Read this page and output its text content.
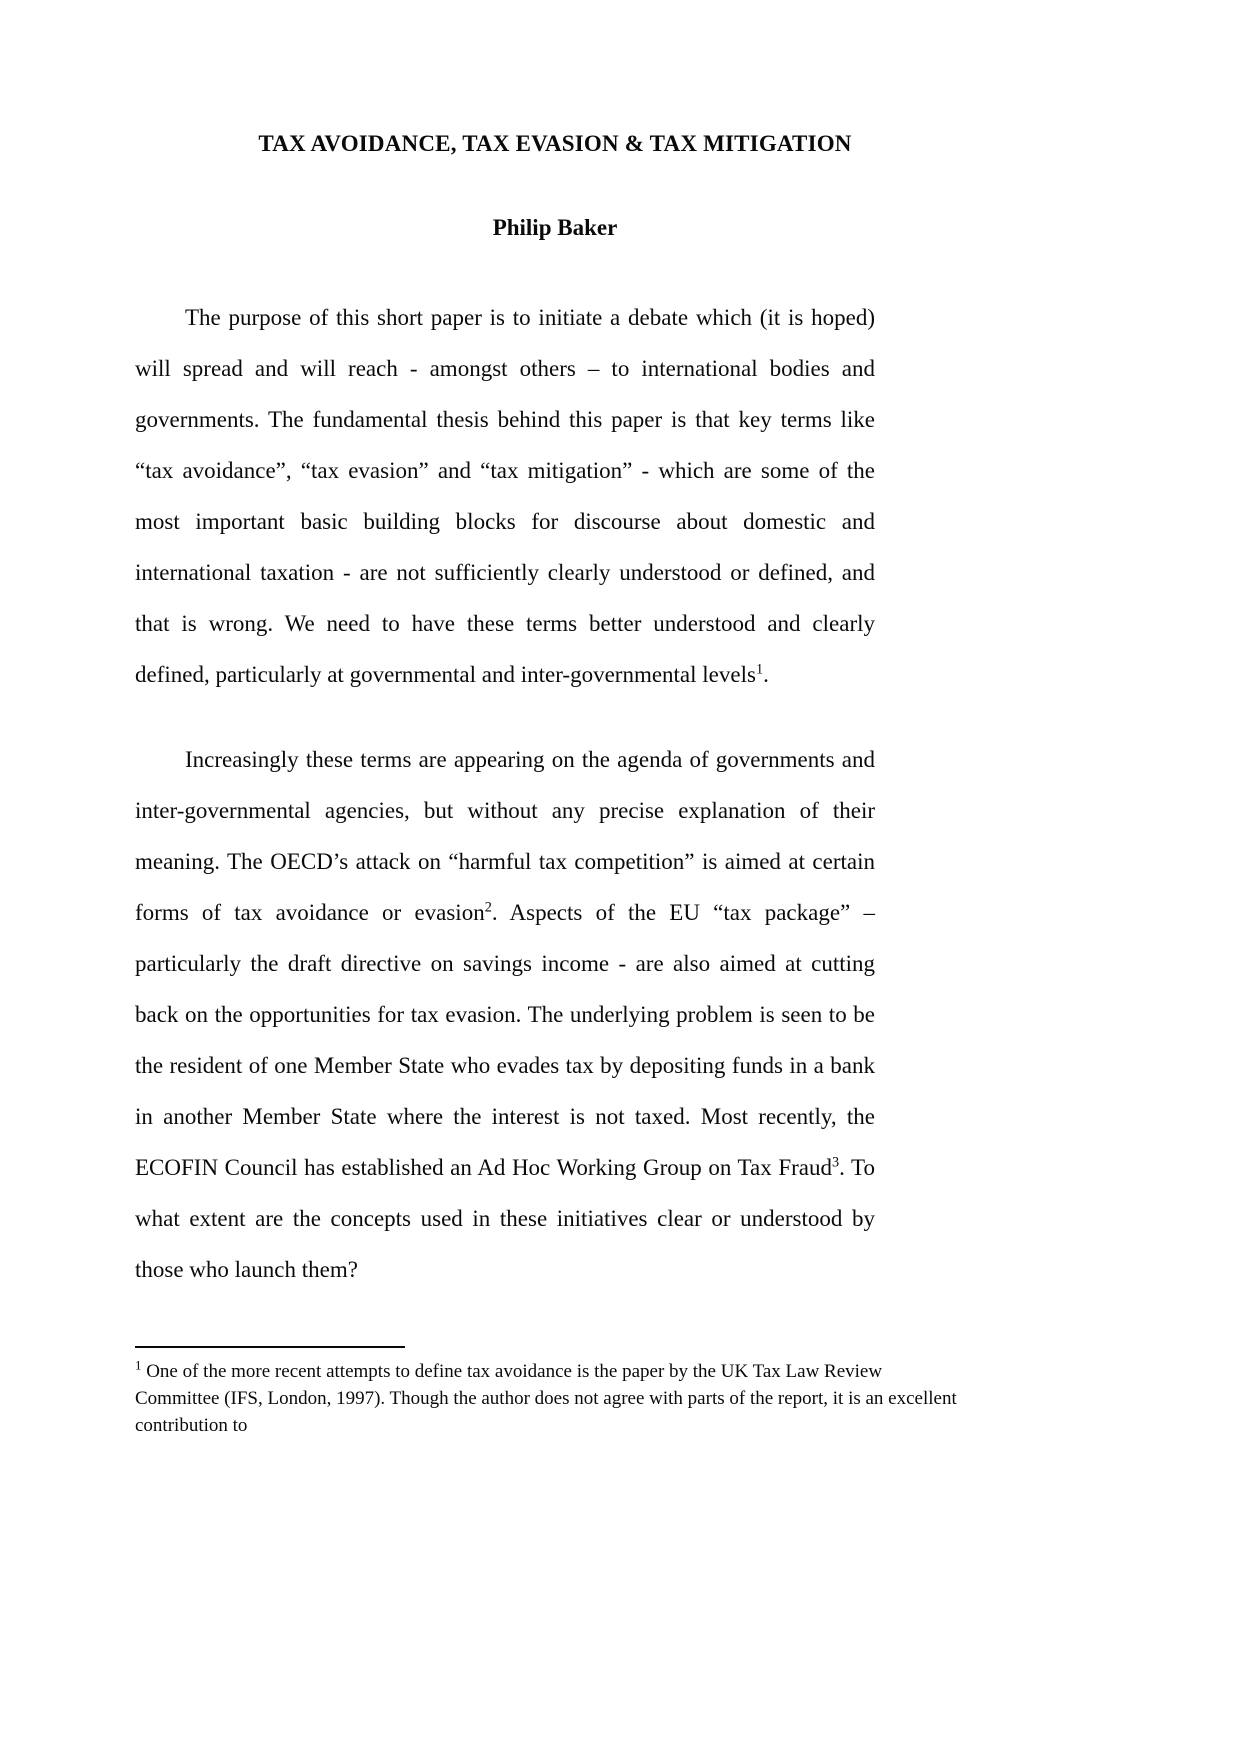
TAX AVOIDANCE, TAX EVASION & TAX MITIGATION
Philip Baker

The purpose of this short paper is to initiate a debate which (it is hoped) will spread and will reach - amongst others – to international bodies and governments. The fundamental thesis behind this paper is that key terms like “tax avoidance”, “tax evasion” and “tax mitigation” - which are some of the most important basic building blocks for discourse about domestic and international taxation - are not sufficiently clearly understood or defined, and that is wrong. We need to have these terms better understood and clearly defined, particularly at governmental and inter-governmental levels$^1$.

Increasingly these terms are appearing on the agenda of governments and inter-governmental agencies, but without any precise explanation of their meaning. The OECD’s attack on “harmful tax competition” is aimed at certain forms of tax avoidance or evasion$^2$. Aspects of the EU “tax package” – particularly the draft directive on savings income - are also aimed at cutting back on the opportunities for tax evasion. The underlying problem is seen to be the resident of one Member State who evades tax by depositing funds in a bank in another Member State where the interest is not taxed. Most recently, the ECOFIN Council has established an Ad Hoc Working Group on Tax Fraud$^3$. To what extent are the concepts used in these initiatives clear or understood by those who launch them?

$^1$ One of the more recent attempts to define tax avoidance is the paper by the UK Tax Law Review Committee (IFS, London, 1997). Though the author does not agree with parts of the report, it is an excellent contribution to
